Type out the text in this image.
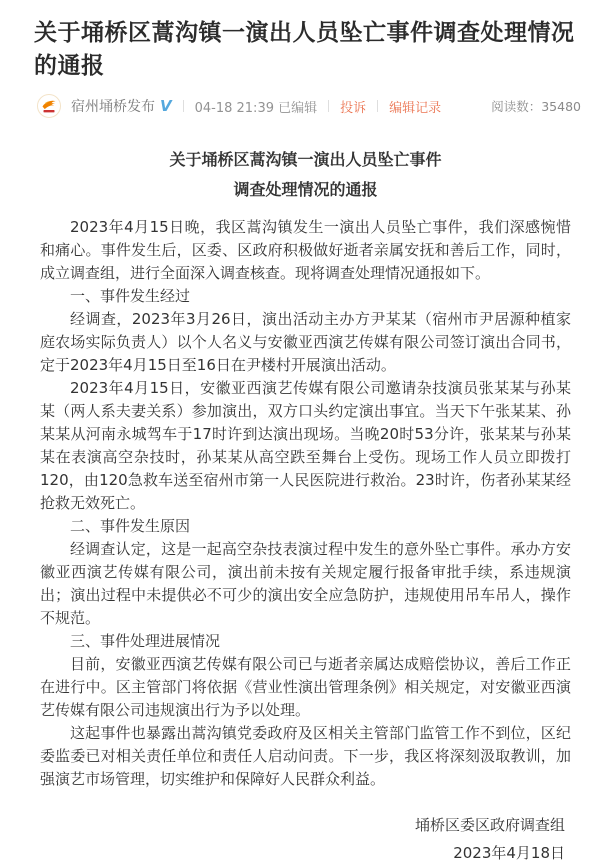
关于埇桥区蒿沟镇一演出人员坠亡事件调查处理情况的通报
宿州埇桥发布 V 04-18 21:39 已编辑 投诉 编辑记录	阅读数：35480
关于埇桥区蒿沟镇一演出人员坠亡事件
调查处理情况的通报

2023年4月15日晚，我区蒿沟镇发生一演出人员坠亡事件，我们深感惋惜和痛心。事件发生后，区委、区政府积极做好逝者亲属安抚和善后工作，同时，成立调查组，进行全面深入调查核查。现将调查处理情况通报如下。

一、事件发生经过

经调查，2023年3月26日，演出活动主办方尹某某（宿州市尹居源种植家庭农场实际负责人）以个人名义与安徽亚西演艺传媒有限公司签订演出合同书，定于2023年4月15日至16日在尹楼村开展演出活动。

2023年4月15日，安徽亚西演艺传媒有限公司邀请杂技演员张某某与孙某某（两人系夫妻关系）参加演出，双方口头约定演出事宜。当天下午张某某、孙某某从河南永城驾车于17时许到达演出现场。当晚20时53分许，张某某与孙某某在表演高空杂技时，孙某某从高空跌至舞台上受伤。现场工作人员立即拨打120，由120急救车送至宿州市第一人民医院进行救治。23时许，伤者孙某某经抢救无效死亡。

二、事件发生原因

经调查认定，这是一起高空杂技表演过程中发生的意外坠亡事件。承办方安徽亚西演艺传媒有限公司，演出前未按有关规定履行报备审批手续，系违规演出；演出过程中未提供必不可少的演出安全应急防护，违规使用吊车吊人，操作不规范。

三、事件处理进展情况

目前，安徽亚西演艺传媒有限公司已与逝者亲属达成赔偿协议，善后工作正在进行中。区主管部门将依据《营业性演出管理条例》相关规定，对安徽亚西演艺传媒有限公司违规演出行为予以处理。

这起事件也暴露出蒿沟镇党委政府及区相关主管部门监管工作不到位，区纪委监委已对相关责任单位和责任人启动问责。下一步，我区将深刻汲取教训，加强演艺市场管理，切实维护和保障好人民群众利益。

埇桥区委区政府调查组
2023年4月18日
